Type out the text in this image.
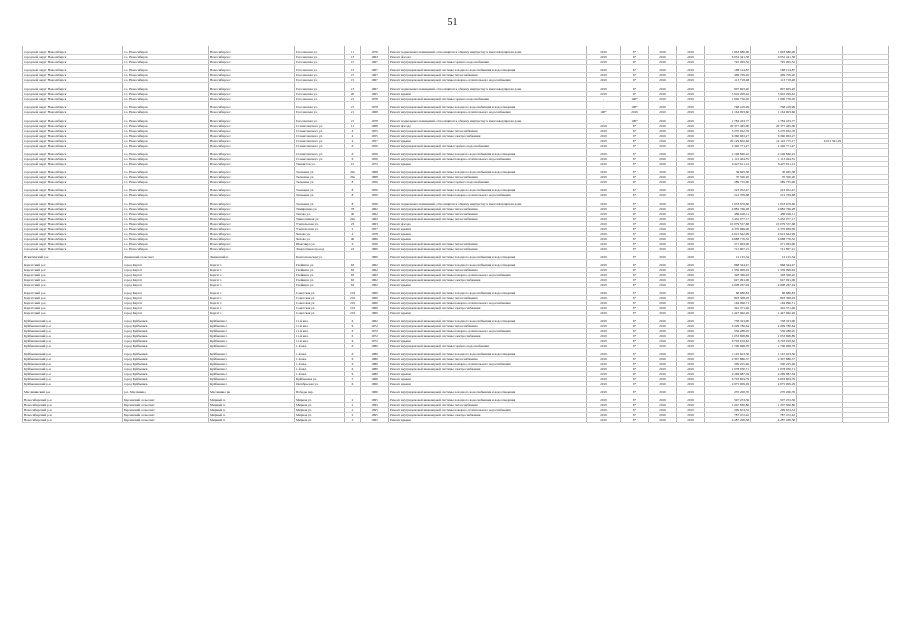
51
городской округ Новосибирск	г.о. Новосибирск	Новосибирск г.	Гоголевская ул.	11	1976	Ремонт подвальных помещений, относящихся к общему имуществу в многоквартирном доме	2019	6*	2016	2019	1 663 686,00	1 663 686,00		
городской округ Новосибирск	г.о. Новосибирск	Новосибирск г.	Гоголевская ул.	13	1964	Ремонт фасада	2019	6*	2016	2019	6 052 441,58	6 052 441,58		
городской округ Новосибирск	г.о. Новосибирск	Новосибирск г.	Гоголевская ул.	15	1967	Ремонт внутридомовой инженерной системы горячего водоснабжения	2019	6*	2016	2019	745 065,32	745 065,32		

городской округ Новосибирск	г.о. Новосибирск	Новосибирск г.	Гоголевская ул.	15	1967	Ремонт внутридомовой инженерной системы холодного водоснабжения и водоотведения	2019	6*	2016	2019	188 124,87	188 124,87		
городской округ Новосибирск	г.о. Новосибирск	Новосибирск г.	Гоголевская ул.	15	1967	Ремонт внутридомовой инженерной системы теплоснабжения	2019	6*	2016	2019	469 709,20	469 709,20		
городской округ Новосибирск	г.о. Новосибирск	Новосибирск г.	Гоголевская ул.	15	1967	Ремонт внутридомовой инженерной системы пожарно-отопительного водоснабжения	2019	6*	2016	2019	113 718,48	113 718,48		
городской округ Новосибирск	г.о. Новосибирск	Новосибирск г.	Гоголевская ул.	15	1967	Ремонт подвальных помещений, относящихся к общему имуществу в многоквартирном доме	2019	6*	2016	2019	997 603,20	997 603,20		
городской округ Новосибирск	г.о. Новосибирск	Новосибирск г.	Гоголевская ул.	20	1965	Ремонт крыши	2019	6*	2016	2019	5 910 209,42	5 910 209,42		
городской округ Новосибирск	г.о. Новосибирск	Новосибирск г.	Гоголевская ул.	21	1978	Ремонт внутридомовой инженерной системы горячего водоснабжения	-	100*	2016	2019	1 000 750,02	1 000 750,02		

городской округ Новосибирск	г.о. Новосибирск	Новосибирск г.	Гоголевская ул.	21	1978	Ремонт внутридомовой инженерной системы холодного водоснабжения и водоотведения	-	100*	2016	2019	768 419,99	768 419,99		
городской округ Новосибирск	г.о. Новосибирск	Новосибирск г.	Гоголевская ул.	21	1968	Ремонт внутридомовой инженерной системы пожарно-отопительного водоснабжения	100*	2016	2019	2019	1 164 903,60	1 164 903,60		
городской округ Новосибирск	г.о. Новосибирск	Новосибирск г.	Гоголевская ул.	21	1978	Ремонт подвальных помещений, относящихся к общему имуществу в многоквартирном доме	-	100*	2016	2019	1 784 433,77	1 784 433,77		
городской округ Новосибирск	г.о. Новосибирск	Новосибирск г.	Станиславского ул.	11	1968	Ремонт фасада	2019	6*	2016	2019	20 377 465,00	20 377 465,00		
городской округ Новосибирск	г.о. Новосибирск	Новосибирск г.	Станиславского ул.	4	1955	Ремонт внутридомовой инженерной системы теплоснабжения	2019	6*	2016	2019	5 270 932,76	5 270 932,76		
городской округ Новосибирск	г.о. Новосибирск	Новосибирск г.	Станиславского ул.	4	1955	Ремонт внутридомовой инженерной системы электроснабжения	2019	6*	2016	2019	6 360 963,27	6 360 963,27		
городской округ Новосибирск	г.о. Новосибирск	Новосибирск г.	Станиславского ул.	4	1957	Ремонт крыши	2019	6*	2016	2019	20 129 602,46	14 116 775,17	6 012 361,29	
городской округ Новосибирск	г.о. Новосибирск	Новосибирск г.	Станиславского ул.	6	1956	Ремонт внутридомовой инженерной системы горячего водоснабжения	2019	6*	2016	2019	2 340 771,47	2 340 771,47		

городской округ Новосибирск	г.о. Новосибирск	Новосибирск г.	Станиславского ул.	6	1956	Ремонт внутридомовой инженерной системы холодного водоснабжения и водоотведения	2019	6*	2016	2019	2 106 846,22	2 106 846,22		
городской округ Новосибирск	г.о. Новосибирск	Новосибирск г.	Станиславского ул.	6	1956	Ремонт внутридомовой инженерной системы пожарно-отопительного водоснабжения	2019	6*	2016	2019	1 113 404,55	1 113 404,55		
городской округ Новосибирск	г.о. Новосибирск	Новосибирск г.	Танкистов ул.	21	1972	Ремонт крыши	2019	6*	2016	2019	6 427 611,12	6 427 611,12		

городской округ Новосибирск	г.о. Новосибирск	Новосибирск г.	Тельмана ул.	20а	1968	Ремонт внутридомовой инженерной системы холодного водоснабжения и водоотведения	2019	6*	2016	2019	36 665,38	36 665,38		
городской округ Новосибирск	г.о. Новосибирск	Новосибирск г.	Тельмана ул.	20а	1968	Ремонт внутридомовой инженерной системы теплоснабжения	2019	6*	2016	2019	70 500,20	70 500,20		
городской округ Новосибирск	г.о. Новосибирск	Новосибирск г.	Тельмана ул.	8	1956	Ремонт внутридомовой инженерной системы горячего водоснабжения	2019	6*	2016	2019	289 735,90	289 735,90		

городской округ Новосибирск	г.о. Новосибирск	Новосибирск г.	Тельмана ул.	8	1956	Ремонт внутридомовой инженерной системы холодного водоснабжения и водоотведения	2019	6*	2016	2019	223 052,47	223 052,47		
городской округ Новосибирск	г.о. Новосибирск	Новосибирск г.	Тельмана ул.	8	1956	Ремонт внутридомовой инженерной системы пожарно-отопительного водоснабжения	2019	6*	2016	2019	212 709,68	212 709,68		
городской округ Новосибирск	г.о. Новосибирск	Новосибирск г.	Тельмана ул.	8	1956	Ремонт подвальных помещений, относящихся к общему имуществу в многоквартирном доме	2019	6*	2016	2019	1 053 679,66	1 053 679,66		
городской округ Новосибирск	г.о. Новосибирск	Новосибирск г.	Тимирязева ул.	76	1962	Ремонт внутридомовой инженерной системы теплоснабжения	2019	6*	2016	2019	4 882 766,28	4 882 766,28		
городской округ Новосибирск	г.о. Новосибирск	Новосибирск г.	Титова ул.	40	1962	Ремонт внутридомовой инженерной системы теплоснабжения	2019	6*	2016	2019	480 026,11	480 026,11		
городской округ Новосибирск	г.о. Новосибирск	Новосибирск г.	Трикотажная ул.	29а	1962	Ремонт внутридомовой инженерной системы теплоснабжения	2019	6*	2016	2019	5 432 077,17	5 432 077,17		
городской округ Новосибирск	г.о. Новосибирск	Новосибирск г.	Учительская ул.	23	1963	Ремонт фасада	2019	6*	2016	2019	10 079 557,68	10 079 557,68		
городской округ Новосибирск	г.о. Новосибирск	Новосибирск г.	Учительская ул.	5	1957	Ремонт крыши	2019	6*	2016	2019	4 376 969,06	4 376 969,06		
городской округ Новосибирск	г.о. Новосибирск	Новосибирск г.	Чехова ул.	4	1978	Ремонт крыши	2019	6*	2016	2019	4 612 642,99	4 612 642,99		
городской округ Новосибирск	г.о. Новосибирск	Новосибирск г.	Чехова ул.	40	1966	Ремонт крыши	2019	6*	2016	2019	6 688 776,32	6 688 776,32		
городской округ Новосибирск	г.о. Новосибирск	Новосибирск г.	Шекспира ул.	6	1956	Ремонт внутридомовой инженерной системы теплоснабжения	2019	6*	2016	2019	271 063,00	271 063,00		
городской округ Новосибирск	г.о. Новосибирск	Новосибирск г.	Энергетиков проезд	16	1966	Ремонт внутридомовой инженерной системы теплоснабжения	2019	6*	2016	2019	721 807,15	721 807,15		

Искитимский р-н	Линевский сельсовет	Линевский п.	Комсомольская ул.		1966	Ремонт внутридомовой инженерной системы холодного водоснабжения и водоотведения	2019	6*	2016	2019	12 125,34	12 125,34		

Каргатский р-н	город Каргат	Каргат г.	Глейниха ул.	63	1962	Ремонт внутридомовой инженерной системы холодного водоснабжения и водоотведения	2019	6*	2016	2019	968 344,47	968 344,47		
Каргатский р-н	город Каргат	Каргат г.	Глейниха ул.	63	1962	Ремонт внутридомовой инженерной системы теплоснабжения	2019	6*	2016	2019	1 339 099,93	1 339 099,93		
Каргатский р-н	город Каргат	Каргат г.	Глейниха ул.	63	1962	Ремонт внутридомовой инженерной системы пожарно-отопительного водоснабжения	2019	6*	2016	2019	328 306,92	328 306,92		
Каргатский р-н	город Каргат	Каргат г.	Глейниха ул.	63	1962	Ремонт внутридомовой инженерной системы электроснабжения	2019	6*	2016	2019	647 091,06	647 091,06		
Каргатский р-н	город Каргат	Каргат г.	Глейниха ул.	63	1962	Ремонт крыши	2019	6*	2016	2019	4 008 267,94	4 008 267,94		

Каргатский р-н	город Каргат	Каргат г.	Советская ул.	219	1960	Ремонт внутридомовой инженерной системы холодного водоснабжения и водоотведения	2019	6*	2016	2019	66 680,83	66 680,83		
Каргатский р-н	город Каргат	Каргат г.	Советская ул.	219	1960	Ремонт внутридомовой инженерной системы теплоснабжения	2019	6*	2016	2019	803 308,03	803 308,03		
Каргатский р-н	город Каргат	Каргат г.	Советская ул.	219	1960	Ремонт внутридомовой инженерной системы пожарно-отопительного водоснабжения	2019	6*	2016	2019	164 096,71	164 096,71		
Каргатский р-н	город Каргат	Каргат г.	Советская ул.	219	1960	Ремонт внутридомовой инженерной системы электроснабжения	2019	6*	2016	2019	342 371,46	342 371,46		
Каргатский р-н	город Каргат	Каргат г.	Советская ул.	219	1960	Ремонт крыши	2019	6*	2016	2019	1 447 062,26	1 447 062,26		

Куйбышевский р-н	город Куйбышев	Куйбышев г.	11-й квл.	6	1962	Ремонт внутридомовой инженерной системы холодного водоснабжения и водоотведения	2019	6*	2016	2019	758 323,00	758 323,00		
Куйбышевский р-н	город Куйбышев	Куйбышев г.	11-й квл.	6	1972	Ремонт внутридомовой инженерной системы теплоснабжения	2019	6*	2016	2019	4 209 780,64	4 209 780,64		
Куйбышевский р-н	город Куйбышев	Куйбышев г.	11-й квл.	6	1972	Ремонт внутридомовой инженерной системы пожарно-отопительного водоснабжения	2019	6*	2016	2019	536 288,05	536 288,05		
Куйбышевский р-н	город Куйбышев	Куйбышев г.	11-й квл.	6	1972	Ремонт внутридомовой инженерной системы электроснабжения	2019	6*	2016	2019	1 033 698,89	1 033 698,89		
Куйбышевский р-н	город Куйбышев	Куйбышев г.	11-й квл.	6	1972	Ремонт крыши	2019	6*	2016	2019	6 703 919,62	6 703 919,62		
Куйбышевский р-н	город Куйбышев	Куйбышев г.	1-й квл.	6	1980	Ремонт внутридомовой инженерной системы горячего водоснабжения	2019	6*	2016	2019	1 700 998,78	1 700 998,78		

Куйбышевский р-н	город Куйбышев	Куйбышев г.	1-й квл.	6	1980	Ремонт внутридомовой инженерной системы холодного водоснабжения и водоотведения	2019	6*	2016	2019	1 145 623,30	1 145 623,30		
Куйбышевский р-н	город Куйбышев	Куйбышев г.	1-й квл.	6	1980	Ремонт внутридомовой инженерной системы теплоснабжения	2019	6*	2016	2019	2 307 886,37	2 307 886,37		
Куйбышевский р-н	город Куйбышев	Куйбышев г.	1-й квл.	6	1980	Ремонт внутридомовой инженерной системы пожарно-отопительного водоснабжения	2019	6*	2016	2019	500 225,46	500 225,46		
Куйбышевский р-н	город Куйбышев	Куйбышев г.	1-й квл.	6	1980	Ремонт внутридомовой инженерной системы электроснабжения	2019	6*	2019	2019	1 078 030,71	1 078 030,71		
Куйбышевский р-н	город Куйбышев	Куйбышев г.	1-й квл.	6	1980	Ремонт крыши	2019	6*	2016	2019	4 269 987,04	4 269 987,04		
Куйбышевский р-н	город Куйбышев	Куйбышев г.	Куйбышева ул.	5	1966	Ремонт крыши	2019	6*	2016	2019	6 703 604,79	6 003 604,79		
Куйбышевский р-н	город Куйбышев	Куйбышев г.	Октябрьская ул.	6	1966	Ремонт крыши	2019	6*	2016	2019	4 975 009,29	4 975 009,29		

Маслянинский р-н	р.п. Маслянино	Маслянино рп	Победы пер.		1966	Ремонт внутридомовой инженерной системы холодного водоснабжения и водоотведения	2019	6*	2016	2019	270 200,76	270 200,76		

Новосибирский р-н	Барлакский сельсовет	Мирный п.	Мирная ул.	2	1995	Ремонт внутридомовой инженерной системы холодного водоснабжения и водоотведения	2019	6*	2016	2019	597 253,36	597 253,36		
Новосибирский р-н	Барлакский сельсовет	Мирный п.	Мирная ул.	2	1995	Ремонт внутридомовой инженерной системы теплоснабжения	2019	6*	2016	2019	1 207 830,86	1 207 830,86		
Новосибирский р-н	Барлакский сельсовет	Мирный п.	Мирная ул.	2	1995	Ремонт внутридомовой инженерной системы пожарно-отопительного водоснабжения	2019	6*	2016	2019	299 653,33	299 653,33		
Новосибирский р-н	Барлакский сельсовет	Мирный п.	Мирная ул.	2	1995	Ремонт внутридомовой инженерной системы электроснабжения	2019	6*	2016	2019	787 472,42	787 472,42		
Новосибирский р-н	Барлакский сельсовет	Мирный п.	Мирная ул.	2	1995	Ремонт крыши	2019	6*	2016	2019	4 287 200,58	4 287 200,58		
